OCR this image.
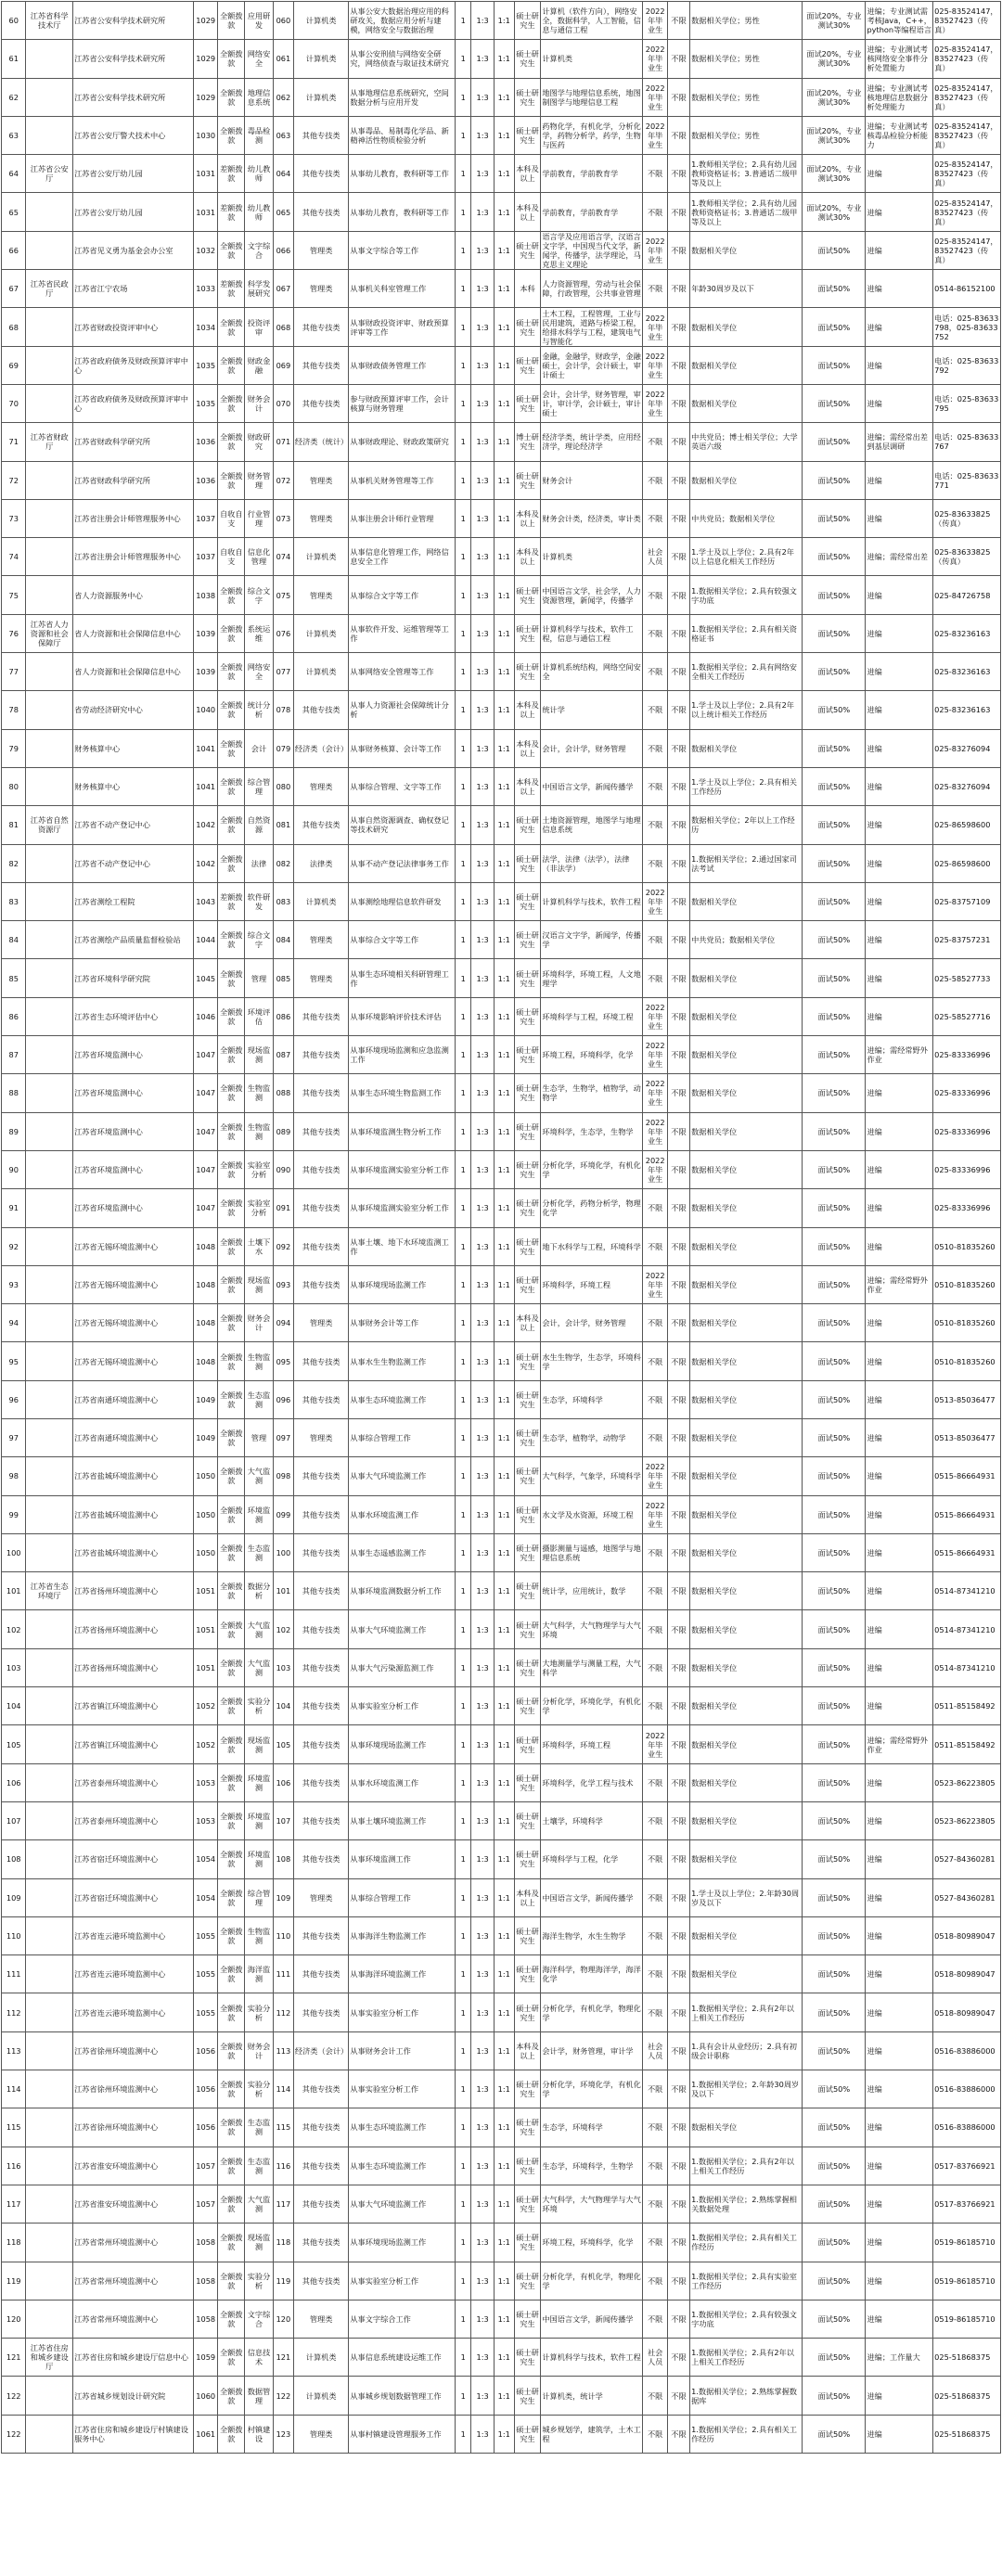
60	江苏省科学技术厅	江苏省公安科学技术研究所	1029	全额拨款	应用研发	060	计算机类	从事公安大数据治理应用的科研攻关，数据应用分析与建模，网络安全与数据治理	1	1:3	1:1	硕士研究生	计算机（软件方向），网络安全，数据科学，人工智能，信息与通信工程	2022年毕业生	不限	数据相关学位；男性	面试20%，专业测试30%	进编；专业测试需考核Java，C++，python等编程语言	025-83524147，83527423（传真）
61		江苏省公安科学技术研究所	1029	全额拨款	网络安全	061	计算机类	从事公安刑侦与网络安全研究，网络侦查与取证技术研究	1	1:3	1:1	硕士研究生	计算机类	2022年毕业生	不限	数据相关学位；男性	面试20%，专业测试30%	进编；专业测试考核网络安全事件分析处置能力	025-83524147，83527423（传真）
62		江苏省公安科学技术研究所	1029	全额拨款	地理信息系统	062	计算机类	从事地理信息系统研究，空间数据分析与应用开发	1	1:3	1:1	硕士研究生	地图学与地理信息系统，地图制图学与地理信息工程	2022年毕业生	不限	数据相关学位；男性	面试20%，专业测试30%	进编；专业测试考核地理信息数据分析处理能力	025-83524147，83527423（传真）
63		江苏省公安厅警犬技术中心	1030	全额拨款	毒品检测	063	其他专技类	从事毒品、易制毒化学品、新精神活性物质检验分析	1	1:3	1:1	硕士研究生	药物化学，有机化学，分析化学，药物分析学，药学，生物与医药	2022年毕业生	不限	数据相关学位；男性	面试20%，专业测试30%	进编；专业测试考核毒品检验分析能力	025-83524147，83527423（传真）
64	江苏省公安厅	江苏省公安厅幼儿园	1031	差额拨款	幼儿教师	064	其他专技类	从事幼儿教育，教科研等工作	1	1:3	1:1	本科及以上	学前教育，学前教育学	不限	不限	1.教师相关学位；2.具有幼儿园教师资格证书；3.普通话二级甲等及以上	面试20%，专业测试30%	进编	025-83524147，83527423（传真）
65		江苏省公安厅幼儿园	1031	差额拨款	幼儿教师	065	其他专技类	从事幼儿教育，教科研等工作	1	1:3	1:1	本科及以上	学前教育，学前教育学	不限	不限	1.教师相关学位；2.具有幼儿园教师资格证书；3.普通话二级甲等及以上	面试20%，专业测试30%	进编	025-83524147，83527423（传真）
66		江苏省见义勇为基金会办公室	1032	全额拨款	文字综合	066	管理类	从事文字综合等工作	1	1:3	1:1	硕士研究生	语言学及应用语言学，汉语言文字学，中国现当代文学，新闻学，传播学，法学理论，马克思主义理论	2022年毕业生	不限	数据相关学位	面试50%	进编	025-83524147，83527423（传真）
67	江苏省民政厅	江苏省江宁农场	1033	差额拨款	科学发展研究	067	管理类	从事机关科室管理工作	1	1:3	1:1	本科	人力资源管理，劳动与社会保障，行政管理，公共事业管理	不限	不限	年龄30周岁及以下	面试50%	进编	0514-86152100
68		江苏省财政投资评审中心	1034	全额拨款	投资评审	068	其他专技类	从事财政投资评审、财政预算评审等工作	1	1:3	1:1	硕士研究生	土木工程，工程管理，工业与民用建筑，道路与桥梁工程，给排水科学与工程，建筑电气与智能化	2022年毕业生	不限	数据相关学位	面试50%	进编	电话：025-83633798，025-83633752
69		江苏省政府债务及财政预算评审中心	1035	全额拨款	财政金融	069	其他专技类	从事财政债务管理工作	1	1:3	1:1	硕士研究生	金融，金融学，财政学，金融硕士，会计学，会计硕士，审计硕士	2022年毕业生	不限	数据相关学位	面试50%	进编	电话：025-83633792
70		江苏省政府债务及财政预算评审中心	1035	全额拨款	财务会计	070	其他专技类	参与财政预算评审工作，会计核算与财务管理	1	1:3	1:1	硕士研究生	会计，会计学，财务管理，审计，审计学，会计硕士，审计硕士	2022年毕业生	不限	数据相关学位	面试50%	进编	电话：025-83633795
71	江苏省财政厅	江苏省财政科学研究所	1036	全额拨款	财政研究	071	经济类（统计）	从事财政理论、财政政策研究	1	1:3	1:1	博士研究生	经济学类，统计学类，应用经济学，理论经济学	不限	不限	中共党员；博士相关学位；大学英语六级	面试50%	进编；需经常出差到基层调研	电话：025-83633767
72		江苏省财政科学研究所	1036	全额拨款	财务管理	072	管理类	从事机关财务管理等工作	1	1:3	1:1	硕士研究生	财务会计	不限	不限	数据相关学位	面试50%	进编	电话：025-83633771
73		江苏省注册会计师管理服务中心	1037	自收自支	行业管理	073	管理类	从事注册会计师行业管理	1	1:3	1:1	本科及以上	财务会计类，经济类，审计类	不限	不限	中共党员；数据相关学位	面试50%	进编	025-83633825（传真）
74		江苏省注册会计师管理服务中心	1037	自收自支	信息化管理	074	计算机类	从事信息化管理工作，网络信息安全工作	1	1:3	1:1	本科及以上	计算机类	社会人员	不限	1.学士及以上学位；2.具有2年以上信息化相关工作经历	面试50%	进编；需经常出差	025-83633825（传真）
75		省人力资源服务中心	1038	全额拨款	综合文字	075	管理类	从事综合文字等工作	1	1:3	1:1	硕士研究生	中国语言文学，社会学，人力资源管理，新闻学，传播学	不限	不限	1.数据相关学位；2.具有较强文字功底	面试50%	进编	025-84726758
76	江苏省人力资源和社会保障厅	省人力资源和社会保障信息中心	1039	全额拨款	系统运维	076	计算机类	从事软件开发、运维管理等工作	1	1:3	1:1	硕士研究生	计算机科学与技术，软件工程，信息与通信工程	不限	不限	1.数据相关学位；2.具有相关资格证书	面试50%	进编	025-83236163
77		省人力资源和社会保障信息中心	1039	全额拨款	网络安全	077	计算机类	从事网络安全管理等工作	1	1:3	1:1	硕士研究生	计算机系统结构，网络空间安全	不限	不限	1.数据相关学位；2.具有网络安全相关工作经历	面试50%	进编	025-83236163
78		省劳动经济研究中心	1040	全额拨款	统计分析	078	其他专技类	从事人力资源社会保障统计分析	1	1:3	1:1	本科及以上	统计学	不限	不限	1.学士及以上学位；2.具有2年以上统计相关工作经历	面试50%	进编	025-83236163
79		财务核算中心	1041	全额拨款	会计	079	经济类（会计）	从事财务核算、会计等工作	1	1:3	1:1	本科及以上	会计，会计学，财务管理	不限	不限	数据相关学位	面试50%	进编	025-83276094
80		财务核算中心	1041	全额拨款	综合管理	080	管理类	从事综合管理、文字等工作	1	1:3	1:1	本科及以上	中国语言文学，新闻传播学	不限	不限	1.学士及以上学位；2.具有相关工作经历	面试50%	进编	025-83276094
81	江苏省自然资源厅	江苏省不动产登记中心	1042	全额拨款	自然资源	081	其他专技类	从事自然资源调查、确权登记等技术研究	1	1:3	1:1	硕士研究生	土地资源管理，地图学与地理信息系统	不限	不限	数据相关学位；2年以上工作经历	面试50%	进编	025-86598600
82		江苏省不动产登记中心	1042	全额拨款	法律	082	法律类	从事不动产登记法律事务工作	1	1:3	1:1	硕士研究生	法学，法律（法学），法律（非法学）	不限	不限	1.数据相关学位；2.通过国家司法考试	面试50%	进编	025-86598600
83		江苏省测绘工程院	1043	差额拨款	软件研发	083	计算机类	从事测绘地理信息软件研发	1	1:3	1:1	硕士研究生	计算机科学与技术，软件工程	2022年毕业生	不限	数据相关学位	面试50%	进编	025-83757109
84		江苏省测绘产品质量监督检验站	1044	全额拨款	综合文字	084	管理类	从事综合文字等工作	1	1:3	1:1	硕士研究生	汉语言文字学，新闻学，传播学	不限	不限	中共党员；数据相关学位	面试50%	进编	025-83757231
85		江苏省环境科学研究院	1045	全额拨款	管理	085	管理类	从事生态环境相关科研管理工作	1	1:3	1:1	硕士研究生	环境科学，环境工程，人文地理学	不限	不限	数据相关学位	面试50%	进编	025-58527733
86		江苏省生态环境评估中心	1046	全额拨款	环境评估	086	其他专技类	从事环境影响评价技术评估	1	1:3	1:1	硕士研究生	环境科学与工程，环境工程	2022年毕业生	不限	数据相关学位	面试50%	进编	025-58527716
87		江苏省环境监测中心	1047	全额拨款	现场监测	087	其他专技类	从事环境现场监测和应急监测工作	1	1:3	1:1	硕士研究生	环境工程，环境科学，化学	2022年毕业生	不限	数据相关学位	面试50%	进编；需经常野外作业	025-83336996
88		江苏省环境监测中心	1047	全额拨款	生物监测	088	其他专技类	从事生态环境生物监测工作	1	1:3	1:1	硕士研究生	生态学，生物学，植物学，动物学	2022年毕业生	不限	数据相关学位	面试50%	进编	025-83336996
89		江苏省环境监测中心	1047	全额拨款	生物监测	089	其他专技类	从事环境监测生物分析工作	1	1:3	1:1	硕士研究生	环境科学，生态学，生物学	2022年毕业生	不限	数据相关学位	面试50%	进编	025-83336996
90		江苏省环境监测中心	1047	全额拨款	实验室分析	090	其他专技类	从事环境监测实验室分析工作	1	1:3	1:1	硕士研究生	分析化学，环境化学，有机化学	2022年毕业生	不限	数据相关学位	面试50%	进编	025-83336996
91		江苏省环境监测中心	1047	全额拨款	实验室分析	091	其他专技类	从事环境监测实验室分析工作	1	1:3	1:1	硕士研究生	分析化学，药物分析学，物理化学	不限	不限	数据相关学位	面试50%	进编	025-83336996
92		江苏省无锡环境监测中心	1048	全额拨款	土壤下水	092	其他专技类	从事土壤、地下水环境监测工作	1	1:3	1:1	硕士研究生	地下水科学与工程，环境科学	不限	不限	数据相关学位	面试50%	进编	0510-81835260
93		江苏省无锡环境监测中心	1048	全额拨款	现场监测	093	其他专技类	从事环境现场监测工作	1	1:3	1:1	硕士研究生	环境科学，环境工程	2022年毕业生	不限	数据相关学位	面试50%	进编；需经常野外作业	0510-81835260
94		江苏省无锡环境监测中心	1048	全额拨款	财务会计	094	管理类	从事财务会计等工作	1	1:3	1:1	本科及以上	会计，会计学，财务管理	不限	不限	数据相关学位	面试50%	进编	0510-81835260
95		江苏省无锡环境监测中心	1048	全额拨款	生物监测	095	其他专技类	从事水生生物监测工作	1	1:3	1:1	硕士研究生	水生生物学，生态学，环境科学	不限	不限	数据相关学位	面试50%	进编	0510-81835260
96		江苏省南通环境监测中心	1049	全额拨款	生态监测	096	其他专技类	从事生态环境监测工作	1	1:3	1:1	硕士研究生	生态学，环境科学	不限	不限	数据相关学位	面试50%	进编	0513-85036477
97		江苏省南通环境监测中心	1049	全额拨款	管理	097	管理类	从事综合管理工作	1	1:3	1:1	硕士研究生	生态学，植物学，动物学	不限	不限	数据相关学位	面试50%	进编	0513-85036477
98		江苏省盐城环境监测中心	1050	全额拨款	大气监测	098	其他专技类	从事大气环境监测工作	1	1:3	1:1	硕士研究生	大气科学，气象学，环境科学	2022年毕业生	不限	数据相关学位	面试50%	进编	0515-86664931
99		江苏省盐城环境监测中心	1050	全额拨款	环境监测	099	其他专技类	从事水环境监测工作	1	1:3	1:1	硕士研究生	水文学及水资源，环境工程	2022年毕业生	不限	数据相关学位	面试50%	进编	0515-86664931
100		江苏省盐城环境监测中心	1050	全额拨款	生态监测	100	其他专技类	从事生态遥感监测工作	1	1:3	1:1	硕士研究生	摄影测量与遥感，地图学与地理信息系统	不限	不限	数据相关学位	面试50%	进编	0515-86664931
101	江苏省生态环境厅	江苏省扬州环境监测中心	1051	全额拨款	数据分析	101	其他专技类	从事环境监测数据分析工作	1	1:3	1:1	硕士研究生	统计学，应用统计，数学	不限	不限	数据相关学位	面试50%	进编	0514-87341210
102		江苏省扬州环境监测中心	1051	全额拨款	大气监测	102	其他专技类	从事大气环境监测工作	1	1:3	1:1	硕士研究生	大气科学，大气物理学与大气环境	不限	不限	数据相关学位	面试50%	进编	0514-87341210
103		江苏省扬州环境监测中心	1051	全额拨款	大气监测	103	其他专技类	从事大气污染源监测工作	1	1:3	1:1	硕士研究生	大地测量学与测量工程，大气科学	不限	不限	数据相关学位	面试50%	进编	0514-87341210
104		江苏省镇江环境监测中心	1052	全额拨款	实验分析	104	其他专技类	从事实验室分析工作	1	1:3	1:1	硕士研究生	分析化学，环境化学，有机化学	不限	不限	数据相关学位	面试50%	进编	0511-85158492
105		江苏省镇江环境监测中心	1052	全额拨款	现场监测	105	其他专技类	从事环境现场监测工作	1	1:3	1:1	硕士研究生	环境科学，环境工程	2022年毕业生	不限	数据相关学位	面试50%	进编；需经常野外作业	0511-85158492
106		江苏省泰州环境监测中心	1053	全额拨款	环境监测	106	其他专技类	从事水环境监测工作	1	1:3	1:1	硕士研究生	环境科学，化学工程与技术	不限	不限	数据相关学位	面试50%	进编	0523-86223805
107		江苏省泰州环境监测中心	1053	全额拨款	环境监测	107	其他专技类	从事土壤环境监测工作	1	1:3	1:1	硕士研究生	土壤学，环境科学	不限	不限	数据相关学位	面试50%	进编	0523-86223805
108		江苏省宿迁环境监测中心	1054	全额拨款	环境监测	108	其他专技类	从事环境监测工作	1	1:3	1:1	硕士研究生	环境科学与工程，化学	不限	不限	数据相关学位	面试50%	进编	0527-84360281
109		江苏省宿迁环境监测中心	1054	全额拨款	综合管理	109	管理类	从事综合管理工作	1	1:3	1:1	本科及以上	中国语言文学，新闻传播学	不限	不限	1.学士及以上学位；2.年龄30周岁及以下	面试50%	进编	0527-84360281
110		江苏省连云港环境监测中心	1055	全额拨款	生物监测	110	其他专技类	从事海洋生物监测工作	1	1:3	1:1	硕士研究生	海洋生物学，水生生物学	不限	不限	数据相关学位	面试50%	进编	0518-80989047
111		江苏省连云港环境监测中心	1055	全额拨款	海洋监测	111	其他专技类	从事海洋环境监测工作	1	1:3	1:1	硕士研究生	海洋科学，物理海洋学，海洋化学	不限	不限	数据相关学位	面试50%	进编	0518-80989047
112		江苏省连云港环境监测中心	1055	全额拨款	实验分析	112	其他专技类	从事实验室分析工作	1	1:3	1:1	硕士研究生	分析化学，有机化学，物理化学	不限	不限	1.数据相关学位；2.具有2年以上相关工作经历	面试50%	进编	0518-80989047
113		江苏省徐州环境监测中心	1056	全额拨款	财务会计	113	经济类（会计）	从事财务会计工作	1	1:3	1:1	本科及以上	会计学，财务管理，审计学	社会人员	不限	1.具有会计从业经历；2.具有初级会计职称	面试50%	进编	0516-83886000
114		江苏省徐州环境监测中心	1056	全额拨款	实验分析	114	其他专技类	从事实验室分析工作	1	1:3	1:1	硕士研究生	分析化学，环境化学，有机化学	不限	不限	1.数据相关学位；2.年龄30周岁及以下	面试50%	进编	0516-83886000
115		江苏省徐州环境监测中心	1056	全额拨款	生态监测	115	其他专技类	从事生态环境监测工作	1	1:3	1:1	硕士研究生	生态学，环境科学	不限	不限	数据相关学位	面试50%	进编	0516-83886000
116		江苏省淮安环境监测中心	1057	全额拨款	生态监测	116	其他专技类	从事生态环境监测工作	1	1:3	1:1	硕士研究生	生态学，环境科学，生物学	不限	不限	1.数据相关学位；2.具有2年以上相关工作经历	面试50%	进编	0517-83766921
117		江苏省淮安环境监测中心	1057	全额拨款	大气监测	117	其他专技类	从事大气环境监测工作	1	1:3	1:1	硕士研究生	大气科学，大气物理学与大气环境	不限	不限	1.数据相关学位；2.熟练掌握相关数据处理	面试50%	进编	0517-83766921
118		江苏省常州环境监测中心	1058	全额拨款	现场监测	118	其他专技类	从事环境现场监测工作	1	1:3	1:1	硕士研究生	环境工程，环境科学，化学	不限	不限	1.数据相关学位；2.具有相关工作经历	面试50%	进编	0519-86185710
119		江苏省常州环境监测中心	1058	全额拨款	实验分析	119	其他专技类	从事实验室分析工作	1	1:3	1:1	硕士研究生	分析化学，有机化学，物理化学	不限	不限	1.数据相关学位；2.具有实验室工作经历	面试50%	进编	0519-86185710
120		江苏省常州环境监测中心	1058	全额拨款	文字综合	120	管理类	从事文字综合工作	1	1:3	1:1	硕士研究生	中国语言文学，新闻传播学	不限	不限	1.数据相关学位；2.具有较强文字功底	面试50%	进编	0519-86185710
121	江苏省住房和城乡建设厅	江苏省住房和城乡建设厅信息中心	1059	全额拨款	信息技术	121	计算机类	从事信息系统建设运维工作	1	1:3	1:1	硕士研究生	计算机科学与技术，软件工程	社会人员	不限	1.数据相关学位；2.具有2年以上相关工作经历	面试50%	进编；工作量大	025-51868375
122		江苏省城乡规划设计研究院	1060	全额拨款	数据管理	122	计算机类	从事城乡规划数据管理工作	1	1:3	1:1	硕士研究生	计算机类，统计学	不限	不限	1.数据相关学位；2.熟练掌握数据库	面试50%	进编	025-51868375
122		江苏省住房和城乡建设厅村镇建设服务中心	1061	全额拨款	村镇建设	123	管理类	从事村镇建设管理服务工作	1	1:3	1:1	硕士研究生	城乡规划学，建筑学，土木工程	不限	不限	1.数据相关学位；2.具有相关工作经历	面试50%	进编	025-51868375
